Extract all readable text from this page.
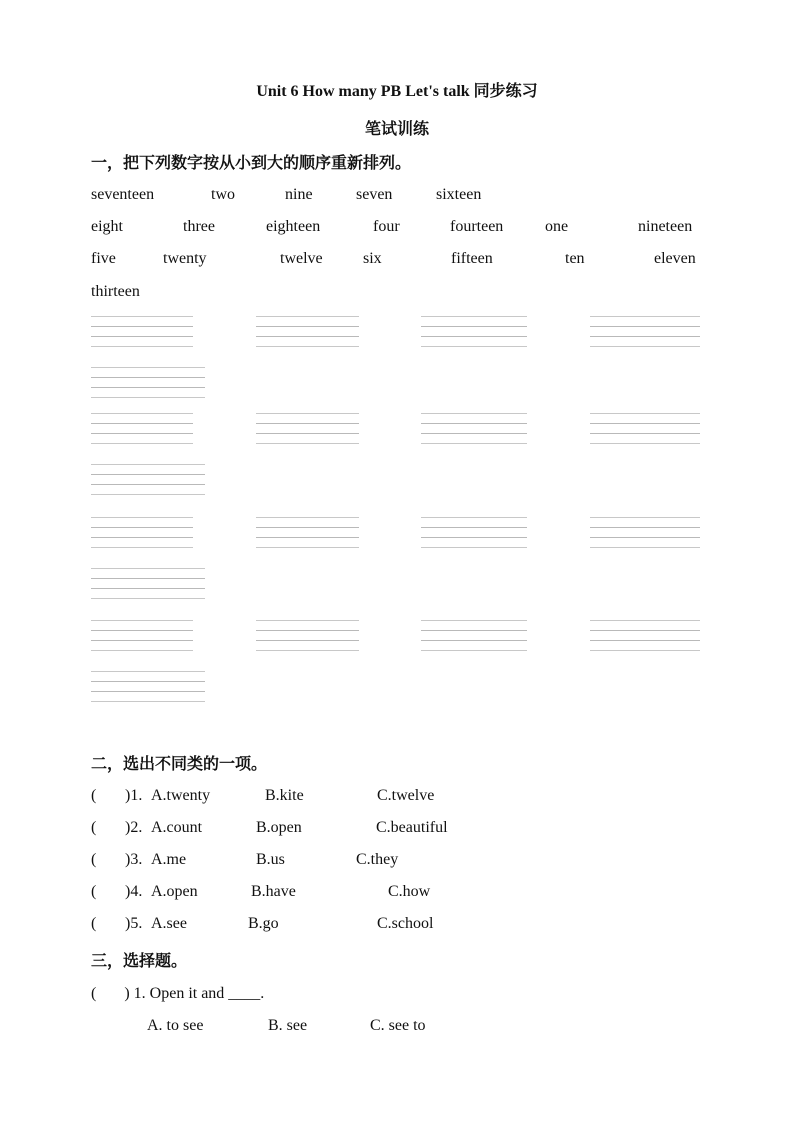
Unit 6 How many PB Let's talk 同步练习
笔试训练
一，把下列数字按从小到大的顺序重新排列。
seventeen	two	nine	seven	sixteen
eight	three	eighteen	four	fourteen	one	nineteen
five	twenty	twelve	six	fifteen	ten	eleven
thirteen
二，选出不同类的一项。
( )1. A.twenty	B.kite	C.twelve
( )2. A.count	B.open	C.beautiful
( )3. A.me	B.us	C.they
( )4. A.open	B.have	C.how
( )5. A.see	B.go	C.school
三，选择题。
(       ) 1. Open it and ____.
A. to see	B. see	C. see to
